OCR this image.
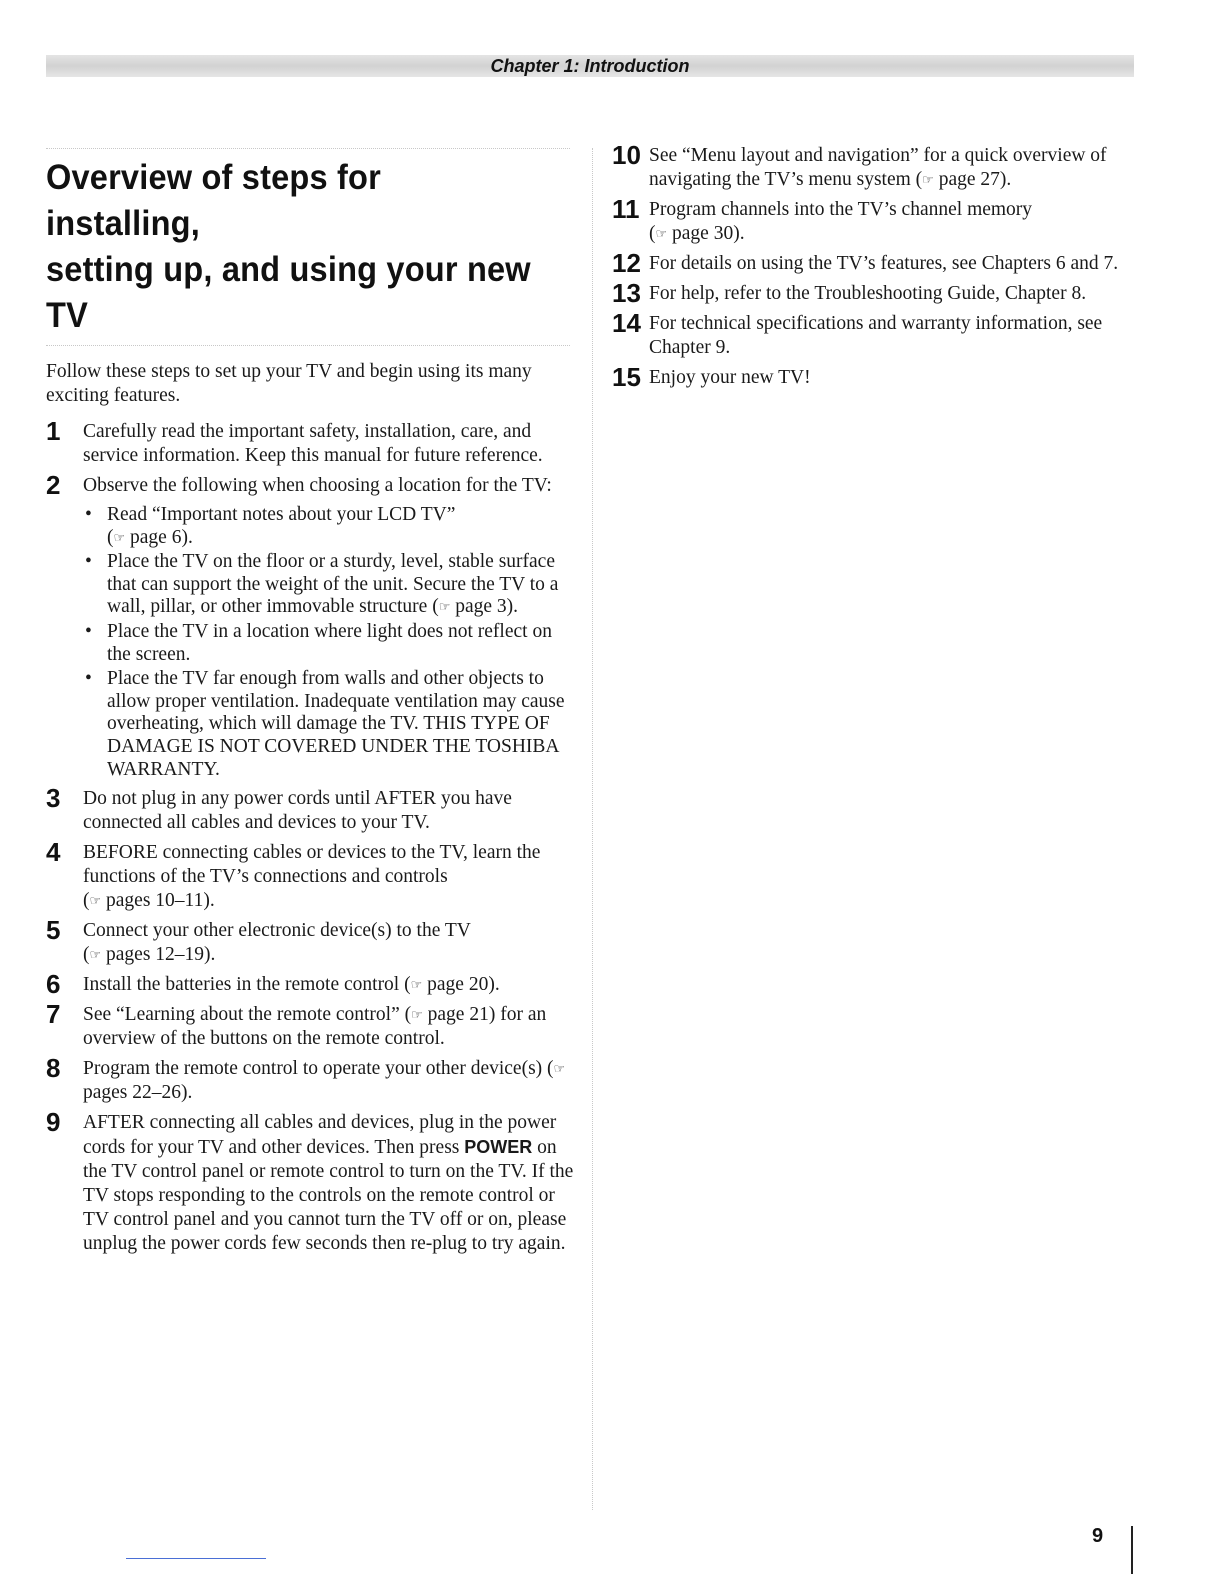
Chapter 1: Introduction
Overview of steps for installing,
setting up, and using your new TV

Follow these steps to set up your TV and begin using its many exciting features.

1 Carefully read the important safety, installation, care, and service information. Keep this manual for future reference.
2 Observe the following when choosing a location for the TV:
• Read “Important notes about your LCD TV”
(☞ page 6).
• Place the TV on the floor or a sturdy, level, stable surface that can support the weight of the unit. Secure the TV to a wall, pillar, or other immovable structure (☞ page 3).
• Place the TV in a location where light does not reflect on the screen.
• Place the TV far enough from walls and other objects to allow proper ventilation. Inadequate ventilation may cause overheating, which will damage the TV. THIS TYPE OF DAMAGE IS NOT COVERED UNDER THE TOSHIBA WARRANTY.
3 Do not plug in any power cords until AFTER you have connected all cables and devices to your TV.
4 BEFORE connecting cables or devices to the TV, learn the functions of the TV’s connections and controls
(☞ pages 10–11).
5 Connect your other electronic device(s) to the TV
(☞ pages 12–19).
6 Install the batteries in the remote control (☞ page 20).
7 See “Learning about the remote control” (☞ page 21) for an overview of the buttons on the remote control.
8 Program the remote control to operate your other device(s) (☞ pages 22–26).
9 AFTER connecting all cables and devices, plug in the power cords for your TV and other devices. Then press POWER on the TV control panel or remote control to turn on the TV. If the TV stops responding to the controls on the remote control or TV control panel and you cannot turn the TV off or on, please unplug the power cords few seconds then re-plug to try again.
10 See “Menu layout and navigation” for a quick overview of navigating the TV’s menu system (☞ page 27).
11 Program channels into the TV’s channel memory
(☞ page 30).
12 For details on using the TV’s features, see Chapters 6 and 7.
13 For help, refer to the Troubleshooting Guide, Chapter 8.
14 For technical specifications and warranty information, see Chapter 9.
15 Enjoy your new TV!
9
